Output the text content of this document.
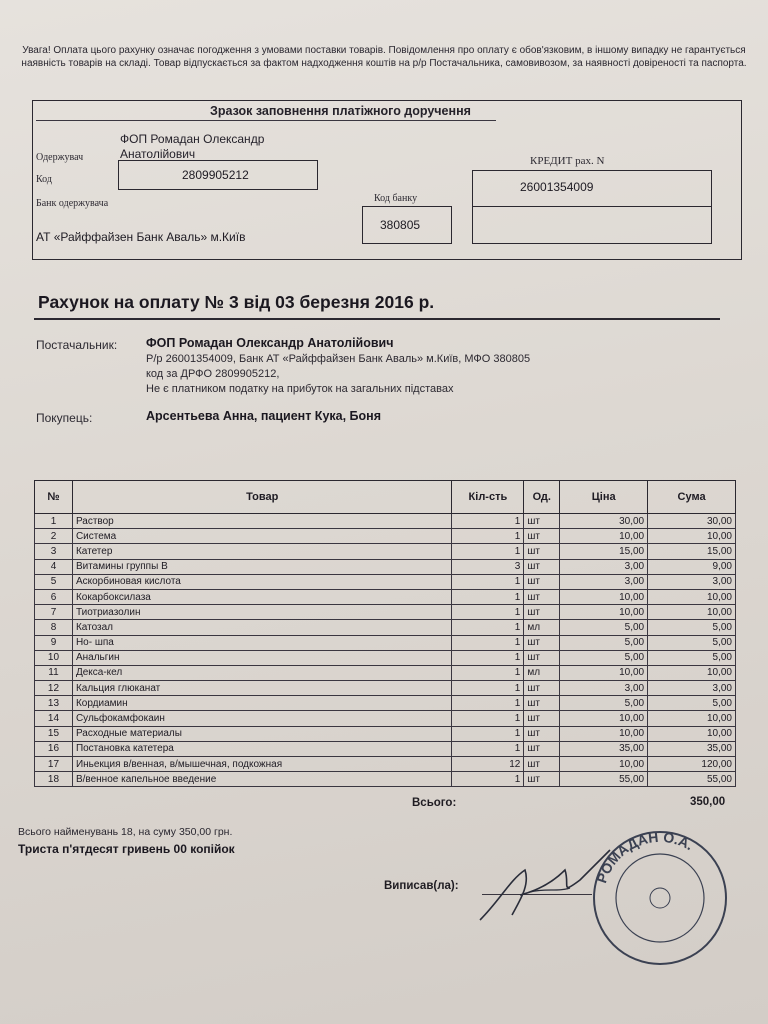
Увага! Оплата цього рахунку означає погодження з умовами поставки товарів. Повідомлення про оплату є обов'язковим, в іншому випадку не гарантується наявність товарів на складі. Товар відпускається за фактом надходження коштів на р/р Постачальника, самовивозом, за наявності довіреності та паспорта.
Зразок заповнення платіжного доручення
Одержувач
ФОП Ромадан Олександр Анатолійович
Код	2809905212
Банк одержувача
АТ «Райффайзен Банк Аваль» м.Київ
Код банку
380805
КРЕДИТ рах. N
26001354009
Рахунок на оплату № 3 від 03 березня 2016 р.
Постачальник: ФОП Ромадан Олександр Анатолійович
Р/р 26001354009, Банк АТ «Райффайзен Банк Аваль» м.Київ, МФО 380805
код за ДРФО 2809905212,
Не є платником податку на прибуток на загальних підставах
Покупець:	Арсентьева Анна, пациент Кука, Боня
№	Товар	Кіл-сть	Од.	Ціна	Сума
1	Раствор	1	шт	30,00	30,00
2	Система	1	шт	10,00	10,00
3	Катетер	1	шт	15,00	15,00
4	Витамины группы В	3	шт	3,00	9,00
5	Аскорбиновая кислота	1	шт	3,00	3,00
6	Кокарбоксилаза	1	шт	10,00	10,00
7	Тиотриазолин	1	шт	10,00	10,00
8	Катозал	1	мл	5,00	5,00
9	Но- шпа	1	шт	5,00	5,00
10	Анальгин	1	шт	5,00	5,00
11	Декса-кел	1	мл	10,00	10,00
12	Кальция глюканат	1	шт	3,00	3,00
13	Кордиамин	1	шт	5,00	5,00
14	Сульфокамфокаин	1	шт	10,00	10,00
15	Расходные материалы	1	шт	10,00	10,00
16	Постановка катетера	1	шт	35,00	35,00
17	Иньекция в/венная, в/мышечная, подкожная	12	шт	10,00	120,00
18	В/венное капельное введение	1	шт	55,00	55,00
Всього:	350,00
Всього найменувань 18, на суму 350,00 грн.
Триста п'ятдесят гривень 00 копійок
Виписав(ла):
РОМАДАН О.А.
